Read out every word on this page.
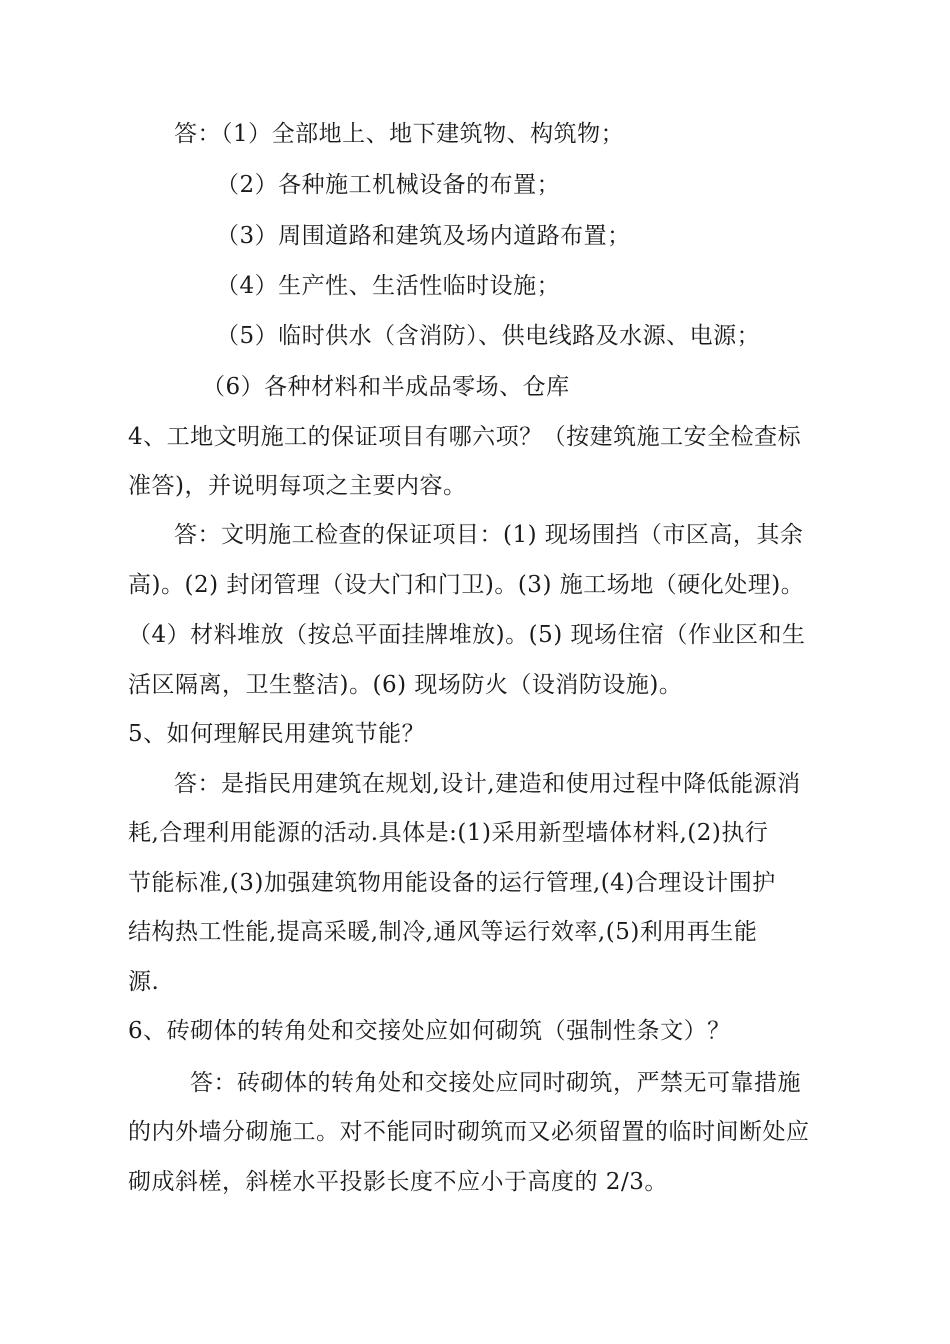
答：（1）全部地上、地下建筑物、构筑物；
（2）各种施工机械设备的布置；
（3）周围道路和建筑及场内道路布置；
（4）生产性、生活性临时设施；
（5）临时供水（含消防）、供电线路及水源、电源；
（6）各种材料和半成品零场、仓库
4、工地文明施工的保证项目有哪六项？（按建筑施工安全检查标
准答)，并说明每项之主要内容。
答：文明施工检查的保证项目：(1) 现场围挡（市区高，其余
高)。(2) 封闭管理（设大门和门卫)。(3) 施工场地（硬化处理)。
（4）材料堆放（按总平面挂牌堆放)。(5) 现场住宿（作业区和生
活区隔离，卫生整洁)。(6) 现场防火（设消防设施)。
5、如何理解民用建筑节能？
答：是指民用建筑在规划,设计,建造和使用过程中降低能源消
耗,合理利用能源的活动.具体是:(1)采用新型墙体材料,(2)执行
节能标准,(3)加强建筑物用能设备的运行管理,(4)合理设计围护
结构热工性能,提高采暖,制冷,通风等运行效率,(5)利用再生能
源.
6、砖砌体的转角处和交接处应如何砌筑（强制性条文）？
答：砖砌体的转角处和交接处应同时砌筑，严禁无可靠措施
的内外墙分砌施工。对不能同时砌筑而又必须留置的临时间断处应
砌成斜槎，斜槎水平投影长度不应小于高度的 2/3。
